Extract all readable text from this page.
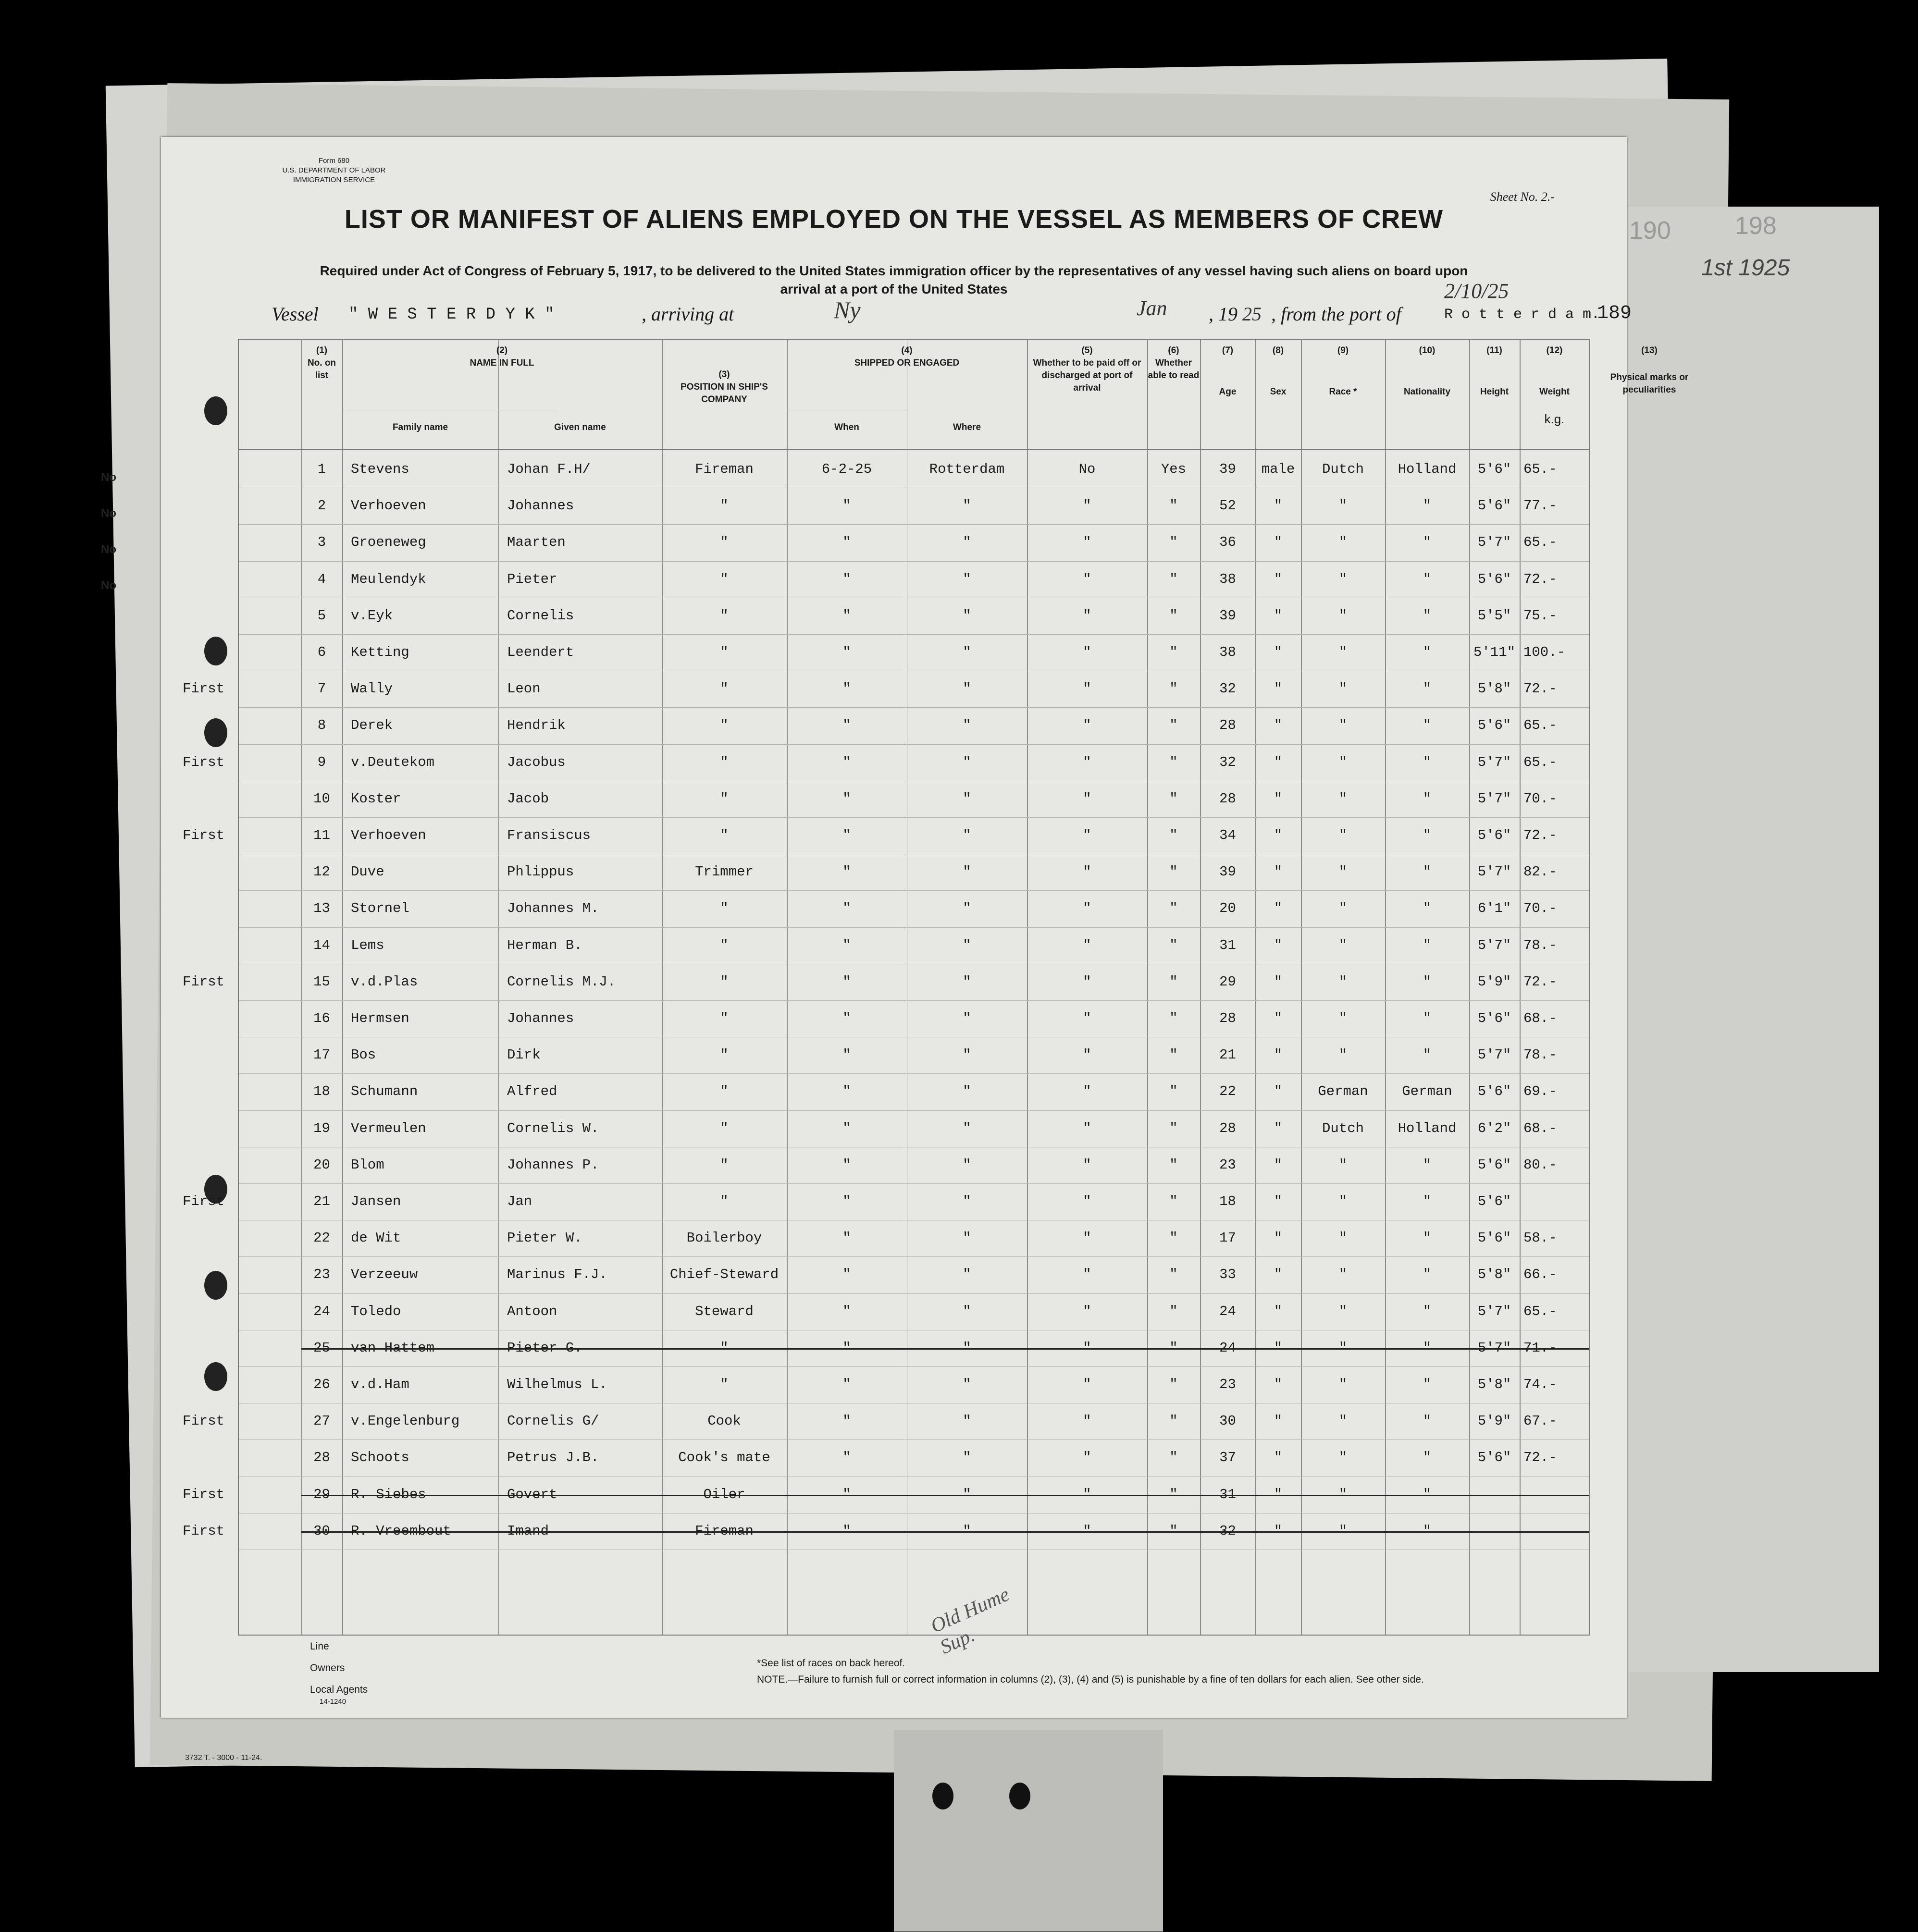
190	198
1st 1925
No
No
No
No
Form 680
U.S. DEPARTMENT OF LABOR
IMMIGRATION SERVICE
Sheet No. 2.-
LIST OR MANIFEST OF ALIENS EMPLOYED ON THE VESSEL AS MEMBERS OF CREW
Required under Act of Congress of February 5, 1917, to be delivered to the United States immigration officer by the representatives of any vessel having such aliens on board upon arrival at a port of the United States
Vessel " W E S T E R D Y K "	, arriving at	Ny	Jan , 19 25 , from the port of	R o t t e r d a m.
2/10/25
189
(1)
No. on list
(2)
NAME IN FULL
Family name	Given name
(3)
POSITION IN SHIP'S COMPANY
(4)
SHIPPED OR ENGAGED
When	Where
(5)
Whether to be paid off or discharged at port of arrival
(6)
Whether able to read
(7)
Age
(8)
Sex
(9)
Race *
(10)
Nationality
(11)
Height
(12)
Weight
k.g.
(13)
Physical marks or peculiarities
1	Stevens	Johan F.H/	Fireman	6-2-25	Rotterdam	No	Yes	39	male	Dutch	Holland	5'6" 65.-
2	Verhoeven	Johannes	"	"	"	"	"	52	"	"	"	5'6" 77.-
3	Groeneweg	Maarten	"	"	"	"	"	36	"	"	"	5'7" 65.-
4	Meulendyk	Pieter	"	"	"	"	"	38	"	"	"	5'6" 72.-
5	v.Eyk	Cornelis	"	"	"	"	"	39	"	"	"	5'5" 75.-
6	Ketting	Leendert	"	"	"	"	"	38	"	"	"	5'11" 100.-
First	7	Wally	Leon	"	"	"	"	"	32	"	"	"	5'8" 72.-
8	Derek	Hendrik	"	"	"	"	"	28	"	"	"	5'6" 65.-
First	9	v.Deutekom	Jacobus	"	"	"	"	"	32	"	"	"	5'7" 65.-
10	Koster	Jacob	"	"	"	"	"	28	"	"	"	5'7" 70.-
First	11	Verhoeven	Fransiscus	"	"	"	"	"	34	"	"	"	5'6" 72.-
12	Duve	Phlippus	Trimmer	"	"	"	"	39	"	"	"	5'7" 82.-
13	Stornel	Johannes M.	"	"	"	"	"	20	"	"	"	6'1" 70.-
14	Lems	Herman B.	"	"	"	"	"	31	"	"	"	5'7" 78.-
First	15	v.d.Plas	Cornelis M.J.	"	"	"	"	"	29	"	"	"	5'9" 72.-
16	Hermsen	Johannes	"	"	"	"	"	28	"	"	"	5'6" 68.-
17	Bos	Dirk	"	"	"	"	"	21	"	"	"	5'7" 78.-
18	Schumann	Alfred	"	"	"	"	"	22	"	German	German	5'6" 69.-
19	Vermeulen	Cornelis W.	"	"	"	"	"	28	"	Dutch	Holland	6'2" 68.-
20	Blom	Johannes P.	"	"	"	"	"	23	"	"	"	5'6" 80.-
First	21	Jansen	Jan	"	"	"	"	"	18	"	"	"	5'6"
22	de Wit	Pieter W.	Boilerboy	"	"	"	"	17	"	"	"	5'6" 58.-
23	Verzeeuw	Marinus F.J.	Chief-Steward	"	"	"	"	33	"	"	"	5'8" 66.-
24	Toledo	Antoon	Steward	"	"	"	"	24	"	"	"	5'7" 65.-
25	van Hattem	Pieter G.	"	"	"	"	"	24	"	"	"	5'7" 71.-
26	v.d.Ham	Wilhelmus L.	"	"	"	"	"	23	"	"	"	5'8" 74.-
First	27	v.Engelenburg	Cornelis G/	Cook	"	"	"	"	30	"	"	"	5'9" 67.-
28	Schoots	Petrus J.B.	Cook's mate	"	"	"	"	37	"	"	"	5'6" 72.-
First	29	R. Siebes	Govert	Oiler	"	"	"	"	31	"	"	"
First	30	R. Vreembout	Imand	Fireman	"	"	"	"	32	"	"	"
Old Hume Sup.
Line
Owners
Local Agents
14-1240
*See list of races on back hereof.
NOTE.—Failure to furnish full or correct information in columns (2), (3), (4) and (5) is punishable by a fine of ten dollars for each alien. See other side.
3732 T. - 3000 - 11-24.
